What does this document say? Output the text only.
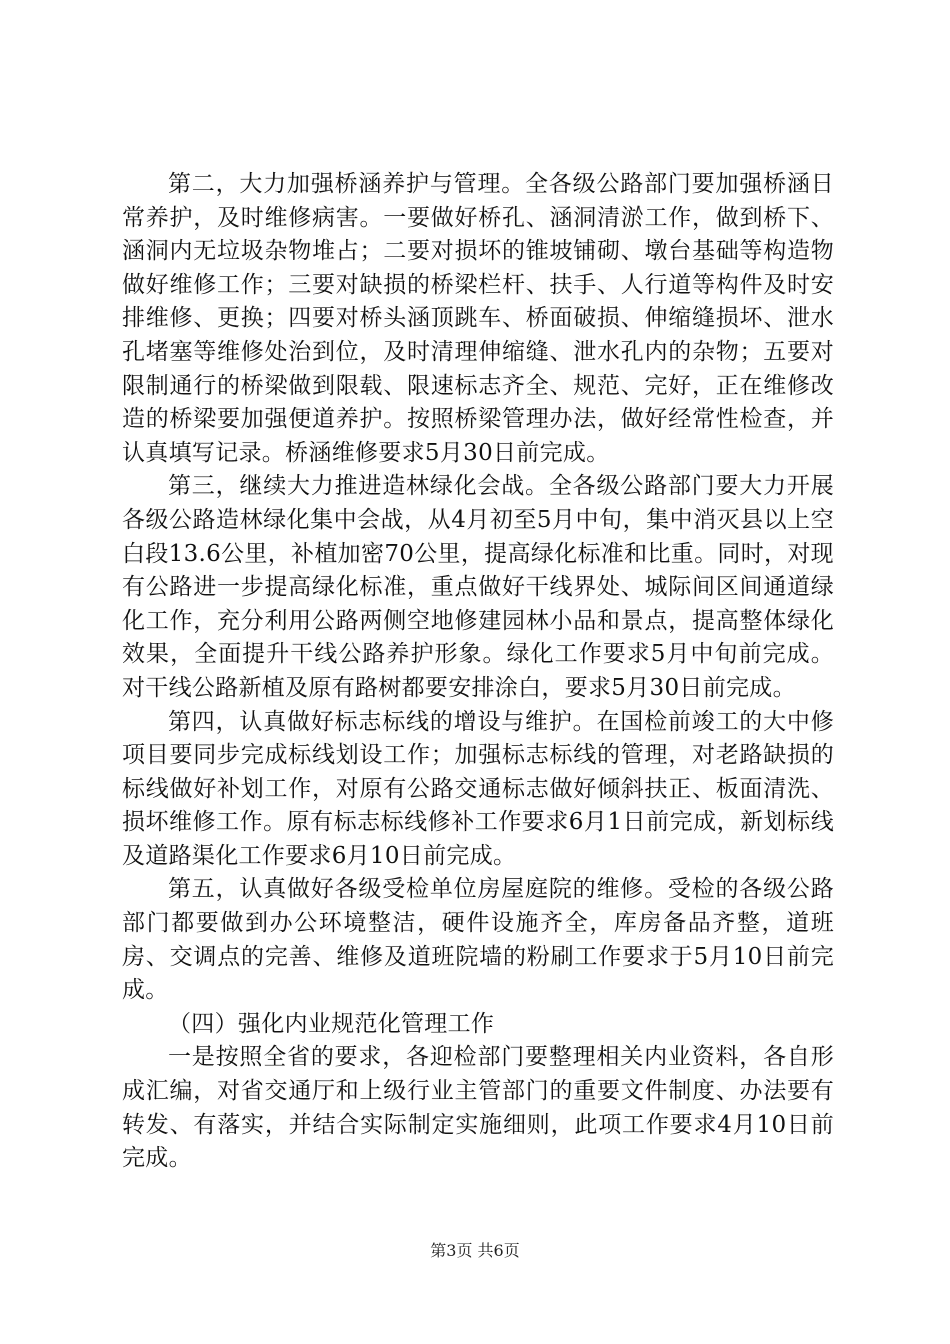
第二，大力加强桥涵养护与管理。全各级公路部门要加强桥涵日常养护，及时维修病害。一要做好桥孔、涵洞清淤工作，做到桥下、涵洞内无垃圾杂物堆占；二要对损坏的锥坡铺砌、墩台基础等构造物做好维修工作；三要对缺损的桥梁栏杆、扶手、人行道等构件及时安排维修、更换；四要对桥头涵顶跳车、桥面破损、伸缩缝损坏、泄水孔堵塞等维修处治到位，及时清理伸缩缝、泄水孔内的杂物；五要对限制通行的桥梁做到限载、限速标志齐全、规范、完好，正在维修改造的桥梁要加强便道养护。按照桥梁管理办法，做好经常性检查，并认真填写记录。桥涵维修要求5月30日前完成。

第三，继续大力推进造林绿化会战。全各级公路部门要大力开展各级公路造林绿化集中会战，从4月初至5月中旬，集中消灭县以上空白段13.6公里，补植加密70公里，提高绿化标准和比重。同时，对现有公路进一步提高绿化标准，重点做好干线界处、城际间区间通道绿化工作，充分利用公路两侧空地修建园林小品和景点，提高整体绿化效果，全面提升干线公路养护形象。绿化工作要求5月中旬前完成。对干线公路新植及原有路树都要安排涂白，要求5月30日前完成。

第四，认真做好标志标线的增设与维护。在国检前竣工的大中修项目要同步完成标线划设工作；加强标志标线的管理，对老路缺损的标线做好补划工作，对原有公路交通标志做好倾斜扶正、板面清洗、损坏维修工作。原有标志标线修补工作要求6月1日前完成，新划标线及道路渠化工作要求6月10日前完成。

第五，认真做好各级受检单位房屋庭院的维修。受检的各级公路部门都要做到办公环境整洁，硬件设施齐全，库房备品齐整，道班房、交调点的完善、维修及道班院墙的粉刷工作要求于5月10日前完成。

（四）强化内业规范化管理工作

一是按照全省的要求，各迎检部门要整理相关内业资料，各自形成汇编，对省交通厅和上级行业主管部门的重要文件制度、办法要有转发、有落实，并结合实际制定实施细则，此项工作要求4月10日前完成。

第3页 共6页
